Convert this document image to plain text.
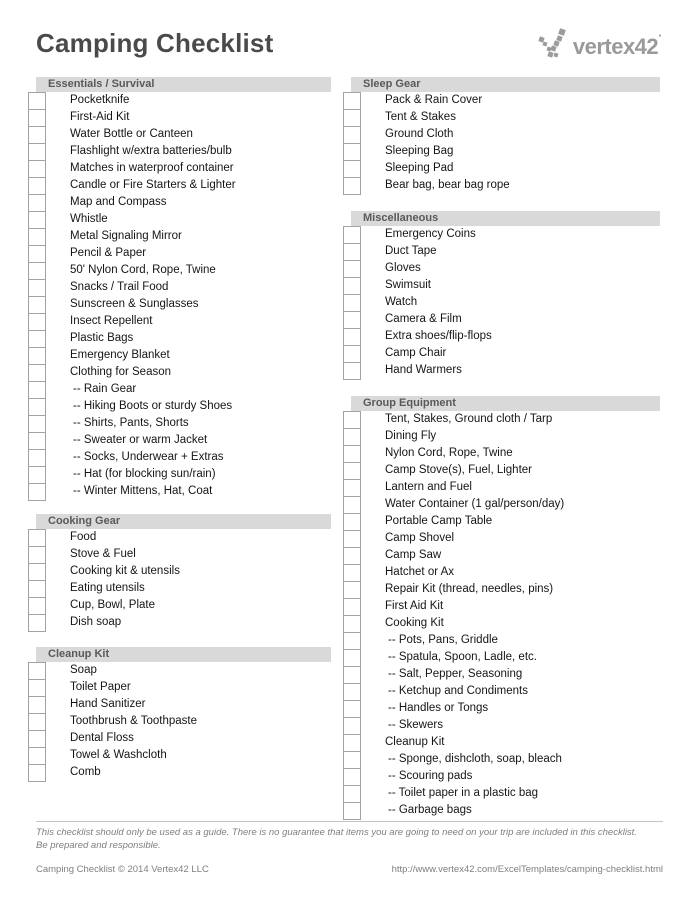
Camping Checklist	vertex42·
Essentials / Survival
Pocketknife
First-Aid Kit
Water Bottle or Canteen
Flashlight w/extra batteries/bulb
Matches in waterproof container
Candle or Fire Starters & Lighter
Map and Compass
Whistle
Metal Signaling Mirror
Pencil & Paper
50' Nylon Cord, Rope, Twine
Snacks / Trail Food
Sunscreen & Sunglasses
Insect Repellent
Plastic Bags
Emergency Blanket
Clothing for Season
-- Rain Gear
-- Hiking Boots or sturdy Shoes
-- Shirts, Pants, Shorts
-- Sweater or warm Jacket
-- Socks, Underwear + Extras
-- Hat (for blocking sun/rain)
-- Winter Mittens, Hat, Coat
Cooking Gear
Food
Stove & Fuel
Cooking kit & utensils
Eating utensils
Cup, Bowl, Plate
Dish soap
Cleanup Kit
Soap
Toilet Paper
Hand Sanitizer
Toothbrush & Toothpaste
Dental Floss
Towel & Washcloth
Comb
Sleep Gear
Pack & Rain Cover
Tent & Stakes
Ground Cloth
Sleeping Bag
Sleeping Pad
Bear bag, bear bag rope
Miscellaneous
Emergency Coins
Duct Tape
Gloves
Swimsuit
Watch
Camera & Film
Extra shoes/flip-flops
Camp Chair
Hand Warmers
Group Equipment
Tent, Stakes, Ground cloth / Tarp
Dining Fly
Nylon Cord, Rope, Twine
Camp Stove(s), Fuel, Lighter
Lantern and Fuel
Water Container (1 gal/person/day)
Portable Camp Table
Camp Shovel
Camp Saw
Hatchet or Ax
Repair Kit (thread, needles, pins)
First Aid Kit
Cooking Kit
-- Pots, Pans, Griddle
-- Spatula, Spoon, Ladle, etc.
-- Salt, Pepper, Seasoning
-- Ketchup and Condiments
-- Handles or Tongs
-- Skewers
Cleanup Kit
-- Sponge, dishcloth, soap, bleach
-- Scouring pads
-- Toilet paper in a plastic bag
-- Garbage bags
This checklist should only be used as a guide. There is no guarantee that items you are going to need on your trip are included in this checklist.
Be prepared and responsible.
Camping Checklist © 2014 Vertex42 LLC	http://www.vertex42.com/ExcelTemplates/camping-checklist.html
